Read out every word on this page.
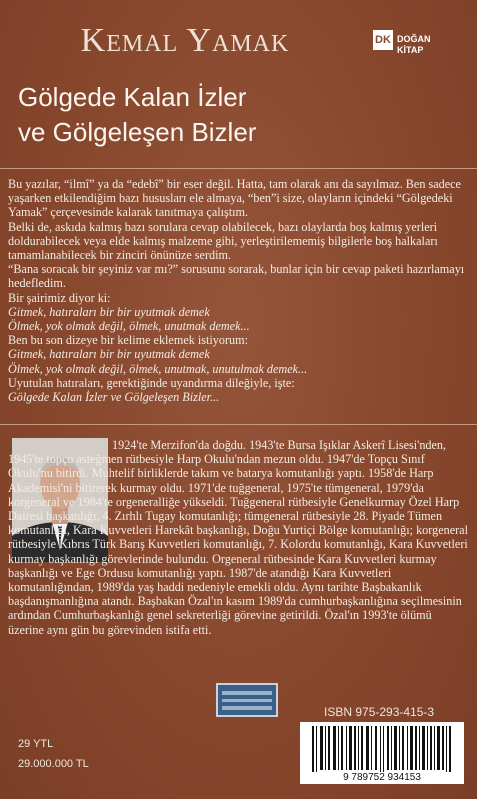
Kemal Yamak	DK DOĞAN
KİTAP
Gölgede Kalan İzler
ve Gölgeleşen Bizler

Bu yazılar, “ilmî” ya da “edebî” bir eser değil. Hatta, tam olarak anı da sayılmaz. Ben sadece yaşarken etkilendiğim bazı hususları ele almaya, “ben”i size, olayların içindeki “Gölgedeki Yamak” çerçevesinde kalarak tanıtmaya çalıştım.

Belki de, askıda kalmış bazı sorulara cevap olabilecek, bazı olaylarda boş kalmış yerleri doldurabilecek veya elde kalmış malzeme gibi, yerleştirilememiş bilgilerle boş halkaları tamamlanabilecek bir zinciri önünüze serdim.

“Bana soracak bir şeyiniz var mı?” sorusunu sorarak, bunlar için bir cevap paketi hazırlamayı hedefledim.

Bir şairimiz diyor ki:

Gitmek, hatıraları bir bir uyutmak demek

Ölmek, yok olmak değil, ölmek, unutmak demek...

Ben bu son dizeye bir kelime eklemek istiyorum:

Gitmek, hatıraları bir bir uyutmak demek

Ölmek, yok olmak değil, ölmek, unutmak, unutulmak demek...

Uyutulan hatıraları, gerektiğinde uyandırma dileğiyle, işte:

Gölgede Kalan İzler ve Gölgeleşen Bizler...

1924'te Merzifon'da doğdu. 1943'te Bursa Işıklar Askerî Lisesi'nden, 1945'te topçu asteğmen rütbesiyle Harp Okulu'ndan mezun oldu. 1947'de Topçu Sınıf Okulu'nu bitirdi. Muhtelif birliklerde takım ve batarya komutanlığı yaptı. 1958'de Harp Akademisi'ni bitirerek kurmay oldu. 1971'de tuğgeneral, 1975'te tümgeneral, 1979'da korgeneral ve 1984'te orgeneralliğe yükseldi. Tuğgeneral rütbesiyle Genelkurmay Özel Harp Dairesi başkanlığı, 4. Zırhlı Tugay komutanlığı; tümgeneral rütbesiyle 28. Piyade Tümen komutanlığı, Kara Kuvvetleri Harekât başkanlığı, Doğu Yurtiçi Bölge komutanlığı; korgeneral rütbesiyle Kıbrıs Türk Barış Kuvvetleri komutanlığı, 7. Kolordu komutanlığı, Kara Kuvvetleri kurmay başkanlığı görevlerinde bulundu. Orgeneral rütbesinde Kara Kuvvetleri kurmay başkanlığı ve Ege Ordusu komutanlığı yaptı. 1987'de atandığı Kara Kuvvetleri komutanlığından, 1989'da yaş haddi nedeniyle emekli oldu. Aynı tarihte Başbakanlık başdanışmanlığına atandı. Başbakan Özal'ın kasım 1989'da cumhurbaşkanlığına seçilmesinin ardından Cumhurbaşkanlığı genel sekreterliği görevine getirildi. Özal'ın 1993'te ölümü üzerine aynı gün bu görevinden istifa etti.

ISBN 975-293-415-3
29 YTL
29.000.000 TL
9 789752 934153
